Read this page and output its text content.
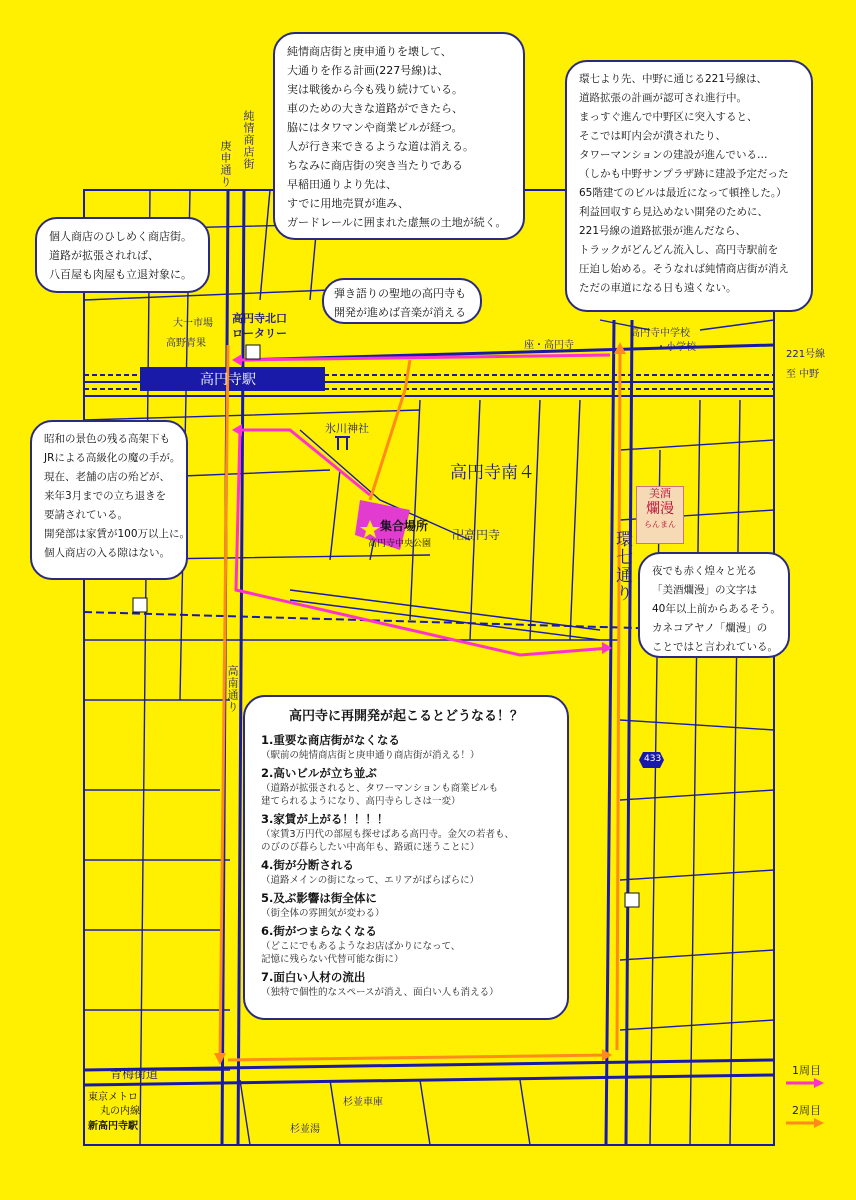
庚申通り 純情商店街
高円寺駅
高円寺北口
ロータリー
大一市場
高野青果	座・高円寺
高円寺中学校
・小学校
221号線
至 中野
氷川神社
高円寺南４
集合場所
高円寺中央公園
卍高円寺	環七通り
高南通り
青梅街道
杉並車庫
杉並湯
東京メトロ
丸の内線
新高円寺駅
433
美酒
爛漫
らんまん
純情商店街と庚申通りを壊して、
大通りを作る計画(227号線)は、
実は戦後から今も残り続けている。
車のための大きな道路ができたら、
脇にはタワマンや商業ビルが経つ。
人が行き来できるような道は消える。
ちなみに商店街の突き当たりである
早稲田通りより先は、
すでに用地売買が進み、
ガードレールに囲まれた虚無の土地が続く。
環七より先、中野に通じる221号線は、
道路拡張の計画が認可され進行中。
まっすぐ進んで中野区に突入すると、
そこでは町内会が潰されたり、
タワーマンションの建設が進んでいる…
（しかも中野サンプラザ跡に建設予定だった
65階建てのビルは最近になって頓挫した。）
利益回収すら見込めない開発のために、
221号線の道路拡張が進んだなら、
トラックがどんどん流入し、高円寺駅前を
圧迫し始める。そうなれば純情商店街が消え
ただの車道になる日も遠くない。
個人商店のひしめく商店街。
道路が拡張されれば、
八百屋も肉屋も立退対象に。
弾き語りの聖地の高円寺も
開発が進めば音楽が消える
昭和の景色の残る高架下も
JRによる高級化の魔の手が。
現在、老舗の店の殆どが、
来年3月までの立ち退きを
要請されている。
開発部は家賃が100万以上に。
個人商店の入る隙はない。
夜でも赤く煌々と光る
「美酒爛漫」の文字は
40年以上前からあるそう。
カネコアヤノ「爛漫」の
ことではと言われている。
高円寺に再開発が起こるとどうなる！？
1.重要な商店街がなくなる
（駅前の純情商店街と庚申通り商店街が消える！）
2.高いビルが立ち並ぶ
（道路が拡張されると、タワーマンションも商業ビルも
建てられるようになり、高円寺らしさは一変）
3.家賃が上がる！！！！
（家賃3万円代の部屋も探せばある高円寺。金欠の若者も、
のびのび暮らしたい中高年も、路頭に迷うことに）
4.街が分断される
（道路メインの街になって、エリアがばらばらに）
5.及ぶ影響は街全体に
（街全体の雰囲気が変わる）
6.街がつまらなくなる
（どこにでもあるようなお店ばかりになって、
記憶に残らない代替可能な街に）
7.面白い人材の流出
（独特で個性的なスペースが消え、面白い人も消える）
1周目
2周目
